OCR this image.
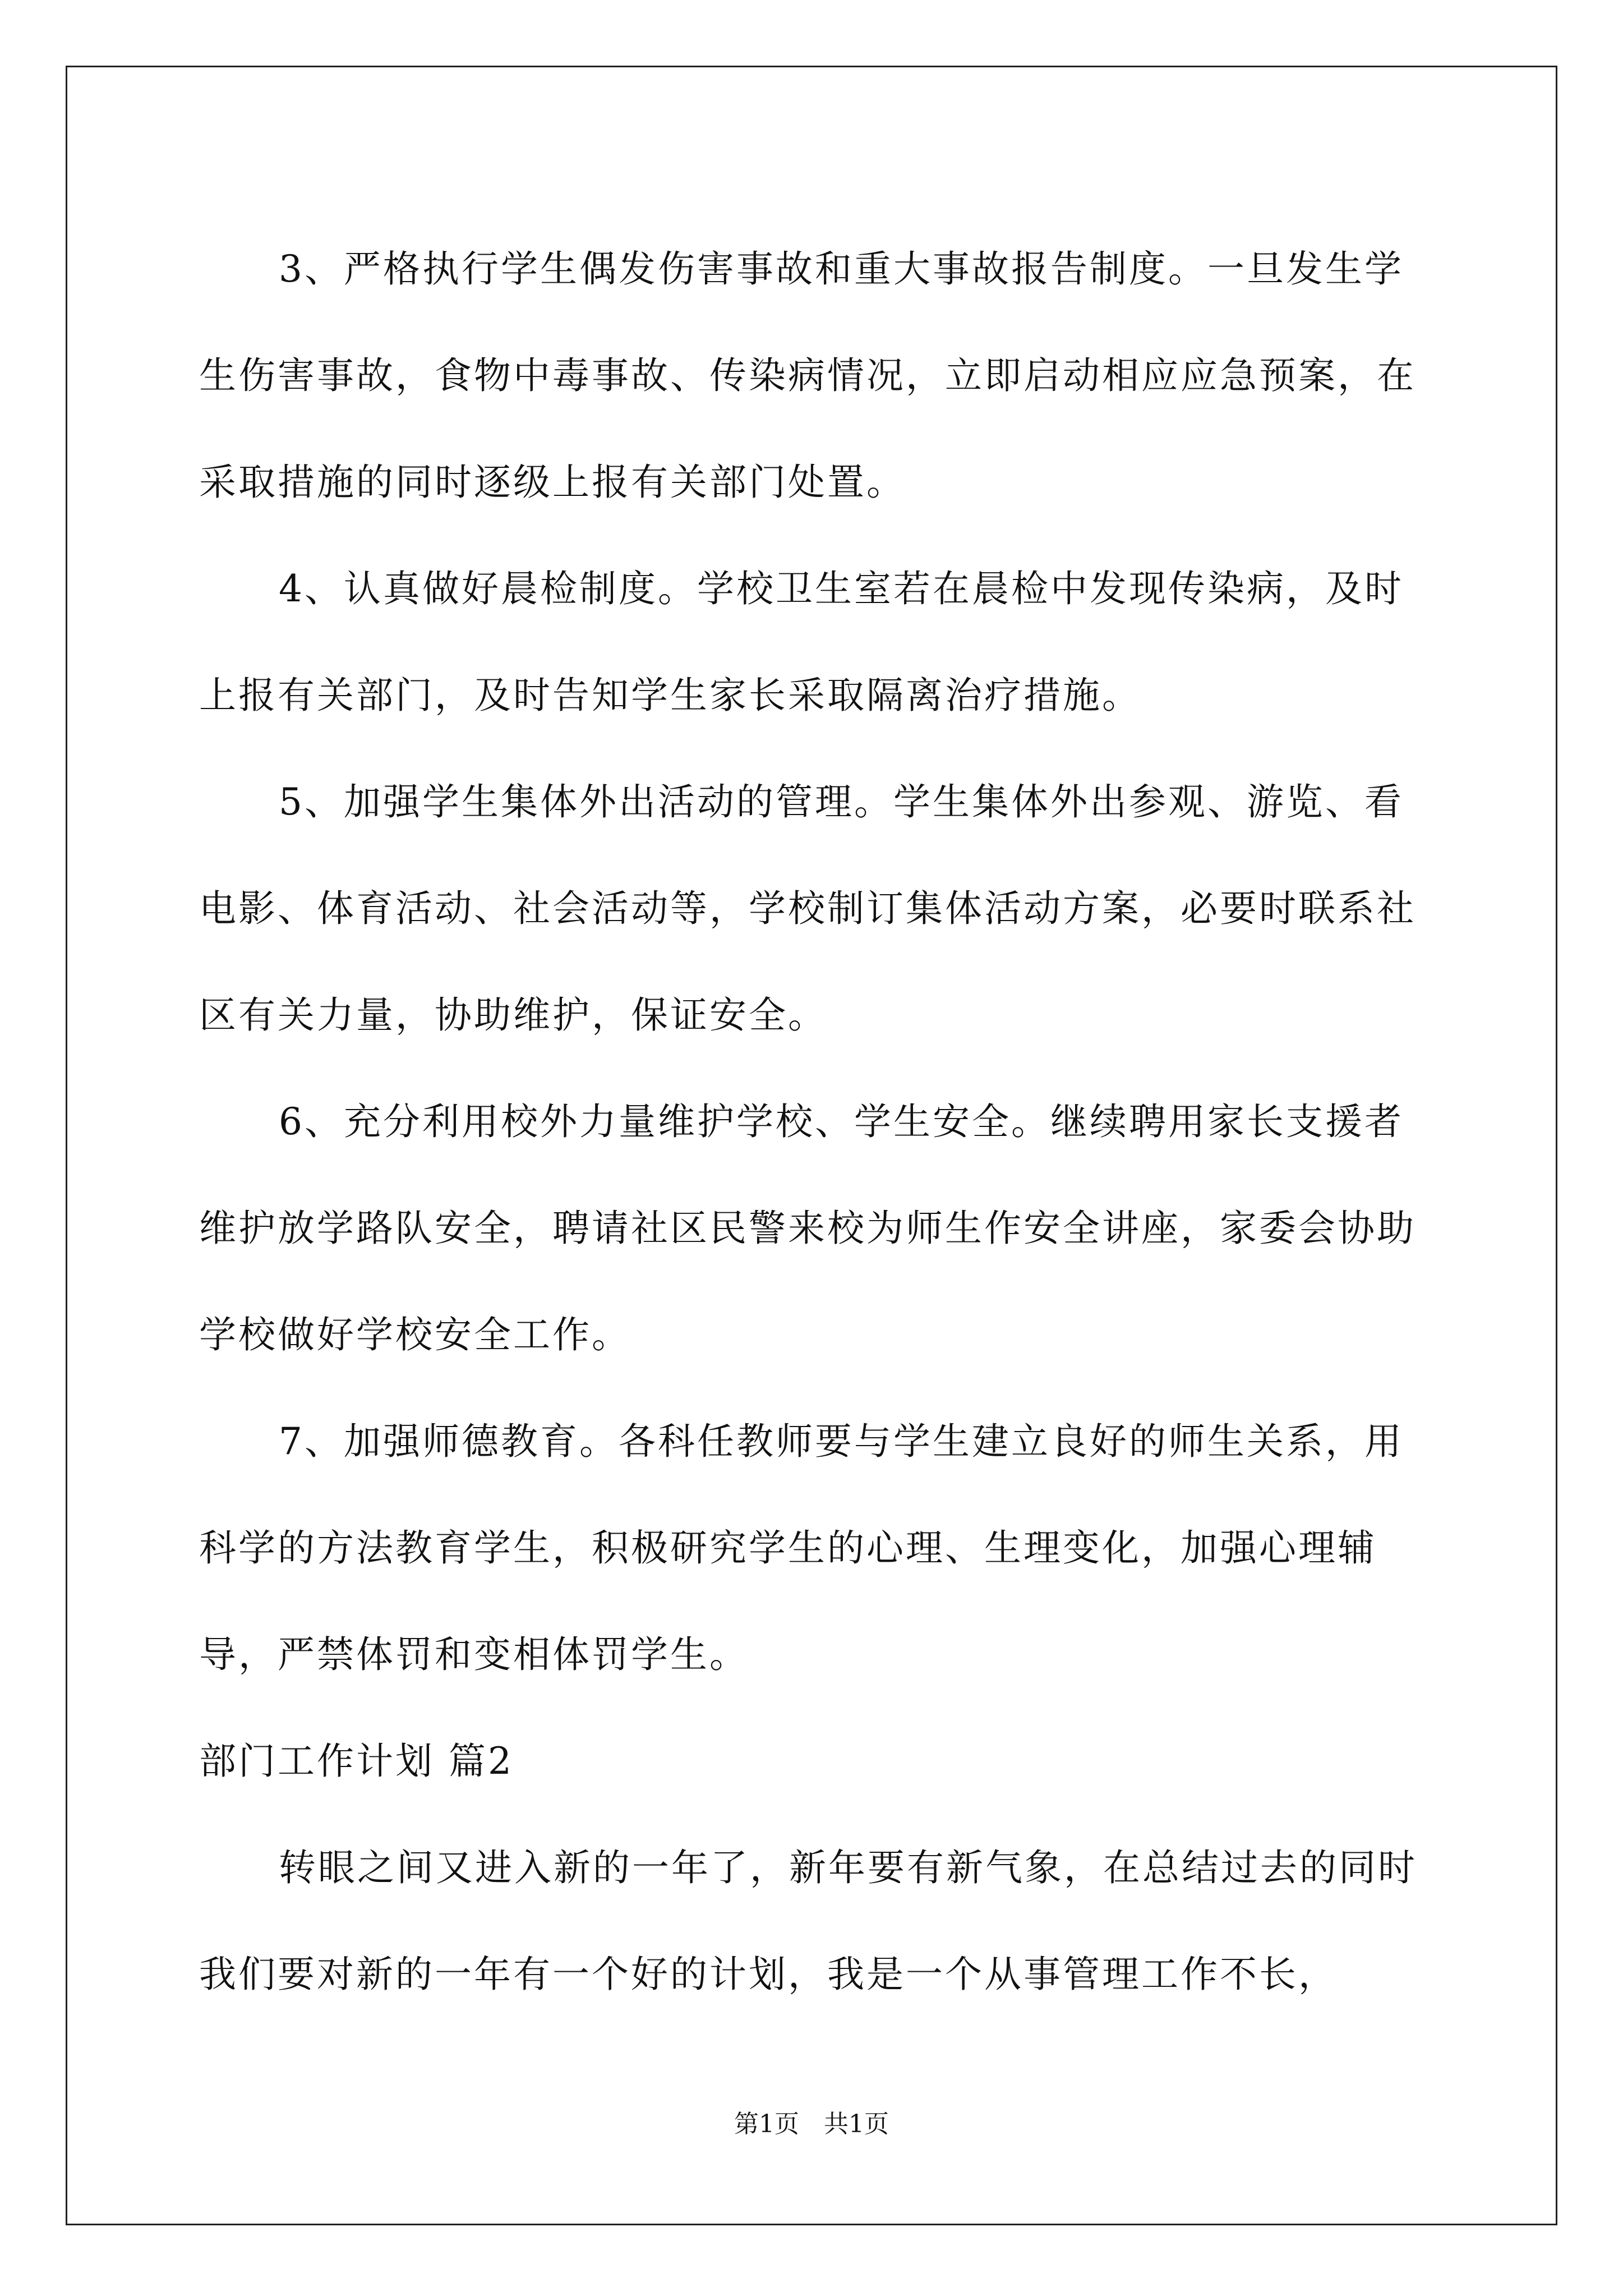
3、严格执行学生偶发伤害事故和重大事故报告制度。一旦发生学生伤害事故，食物中毒事故、传染病情况，立即启动相应应急预案，在采取措施的同时逐级上报有关部门处置。

4、认真做好晨检制度。学校卫生室若在晨检中发现传染病，及时上报有关部门，及时告知学生家长采取隔离治疗措施。

5、加强学生集体外出活动的管理。学生集体外出参观、游览、看电影、体育活动、社会活动等，学校制订集体活动方案，必要时联系社区有关力量，协助维护，保证安全。

6、充分利用校外力量维护学校、学生安全。继续聘用家长支援者维护放学路队安全，聘请社区民警来校为师生作安全讲座，家委会协助学校做好学校安全工作。

7、加强师德教育。各科任教师要与学生建立良好的师生关系，用科学的方法教育学生，积极研究学生的心理、生理变化，加强心理辅导，严禁体罚和变相体罚学生。

部门工作计划 篇2

转眼之间又进入新的一年了，新年要有新气象，在总结过去的同时我们要对新的一年有一个好的计划，我是一个从事管理工作不长，

第1页　共1页
